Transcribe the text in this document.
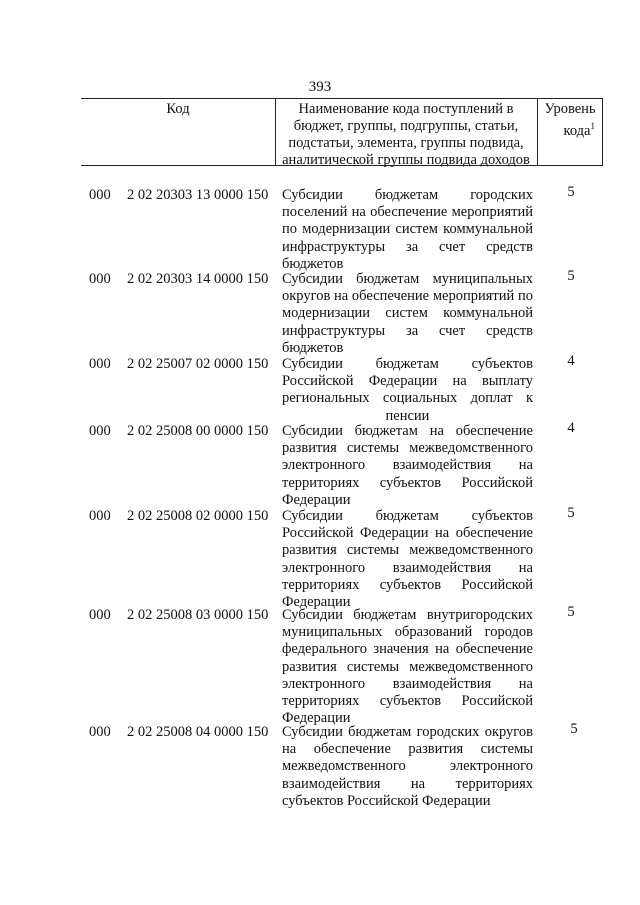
393
Код	Наименование кода поступлений в
бюджет, группы, подгруппы, статьи,
подстатьи, элемента, группы подвида,
аналитической группы подвида доходов
Уровень
кода$^1$
000	2 02 20303 13 0000 150 Субсидии бюджетам городских
поселений на обеспечение мероприятий
по модернизации систем коммунальной
инфраструктуры за счет средств
бюджетов
5
000	2 02 20303 14 0000 150 Субсидии бюджетам муниципальных
округов на обеспечение мероприятий по
модернизации систем коммунальной
инфраструктуры за счет средств
бюджетов
5
000	2 02 25007 02 0000 150 Субсидии бюджетам субъектов
Российской Федерации на выплату
региональных социальных доплат к
пенсии
4
000	2 02 25008 00 0000 150 Субсидии бюджетам на обеспечение
развития системы межведомственного
электронного взаимодействия на
территориях субъектов Российской
Федерации
4
000	2 02 25008 02 0000 150 Субсидии бюджетам субъектов
Российской Федерации на обеспечение
развития системы межведомственного
электронного взаимодействия на
территориях субъектов Российской
Федерации
5
000	2 02 25008 03 0000 150 Субсидии бюджетам внутригородских
муниципальных образований городов
федерального значения на обеспечение
развития системы межведомственного
электронного взаимодействия на
территориях субъектов Российской
Федерации
5
000	2 02 25008 04 0000 150 Субсидии бюджетам городских округов
на обеспечение развития системы
межведомственного электронного
взаимодействия на территориях
субъектов Российской Федерации
5
